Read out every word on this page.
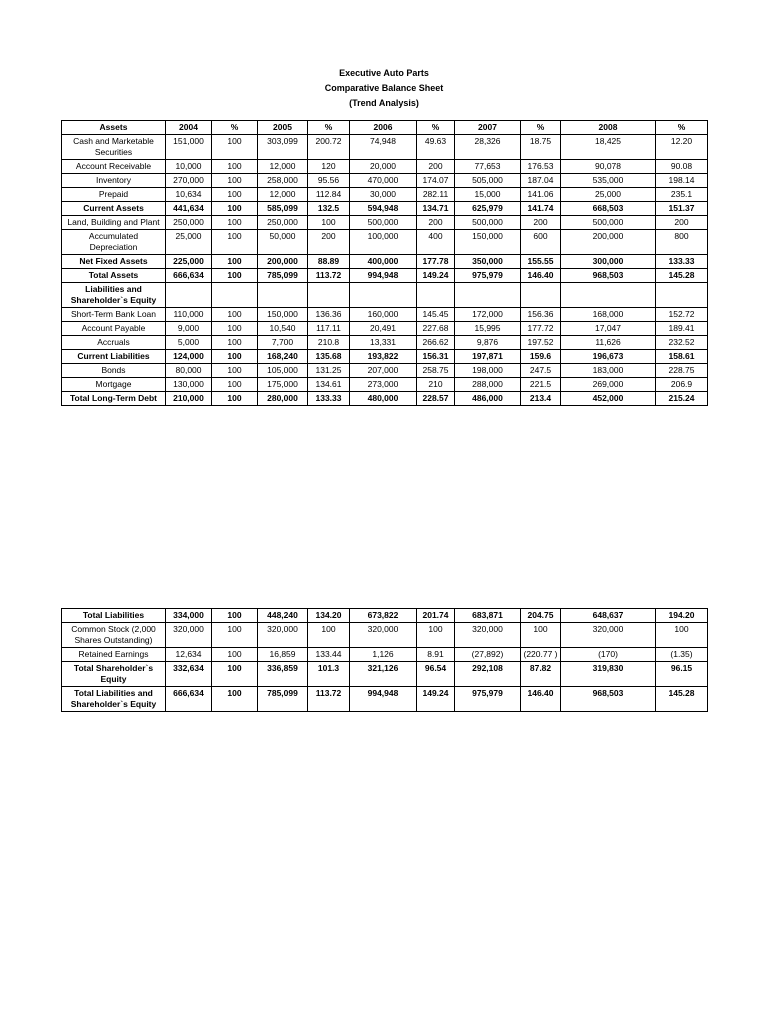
Executive Auto Parts
Comparative Balance Sheet
(Trend Analysis)
Assets	2004	%	2005	%	2006	%	2007	%	2008	%
Cash and Marketable Securities	151,000	100	303,099	200.72	74,948	49.63	28,326	18.75	18,425	12.20
Account Receivable	10,000	100	12,000	120	20,000	200	77,653	176.53	90,078	90.08
Inventory	270,000	100	258,000	95.56	470,000	174.07	505,000	187.04	535,000	198.14
Prepaid	10,634	100	12,000	112.84	30,000	282.11	15,000	141.06	25,000	235.1
Current Assets	441,634	100	585,099	132.5	594,948	134.71	625,979	141.74	668,503	151.37
Land, Building and Plant	250,000	100	250,000	100	500,000	200	500,000	200	500,000	200
Accumulated Depreciation	25,000	100	50,000	200	100,000	400	150,000	600	200,000	800
Net Fixed Assets	225,000	100	200,000	88.89	400,000	177.78	350,000	155.55	300,000	133.33
Total Assets	666,634	100	785,099	113.72	994,948	149.24	975,979	146.40	968,503	145.28
Liabilities and Shareholder`s Equity										
Short-Term Bank Loan	110,000	100	150,000	136.36	160,000	145.45	172,000	156.36	168,000	152.72
Account Payable	9,000	100	10,540	117.11	20,491	227.68	15,995	177.72	17,047	189.41
Accruals	5,000	100	7,700	210.8	13,331	266.62	9,876	197.52	11,626	232.52
Current Liabilities	124,000	100	168,240	135.68	193,822	156.31	197,871	159.6	196,673	158.61
Bonds	80,000	100	105,000	131.25	207,000	258.75	198,000	247.5	183,000	228.75
Mortgage	130,000	100	175,000	134.61	273,000	210	288,000	221.5	269,000	206.9
Total Long-Term Debt	210,000	100	280,000	133.33	480,000	228.57	486,000	213.4	452,000	215.24
Total Liabilities	334,000	100	448,240	134.20	673,822	201.74	683,871	204.75	648,637	194.20
Common Stock (2,000 Shares Outstanding)	320,000	100	320,000	100	320,000	100	320,000	100	320,000	100
Retained Earnings	12,634	100	16,859	133.44	1,126	8.91	(27,892)	(220.77 )	(170)	(1.35)
Total Shareholder`s Equity	332,634	100	336,859	101.3	321,126	96.54	292,108	87.82	319,830	96.15
Total Liabilities and Shareholder`s Equity	666,634	100	785,099	113.72	994,948	149.24	975,979	146.40	968,503	145.28
